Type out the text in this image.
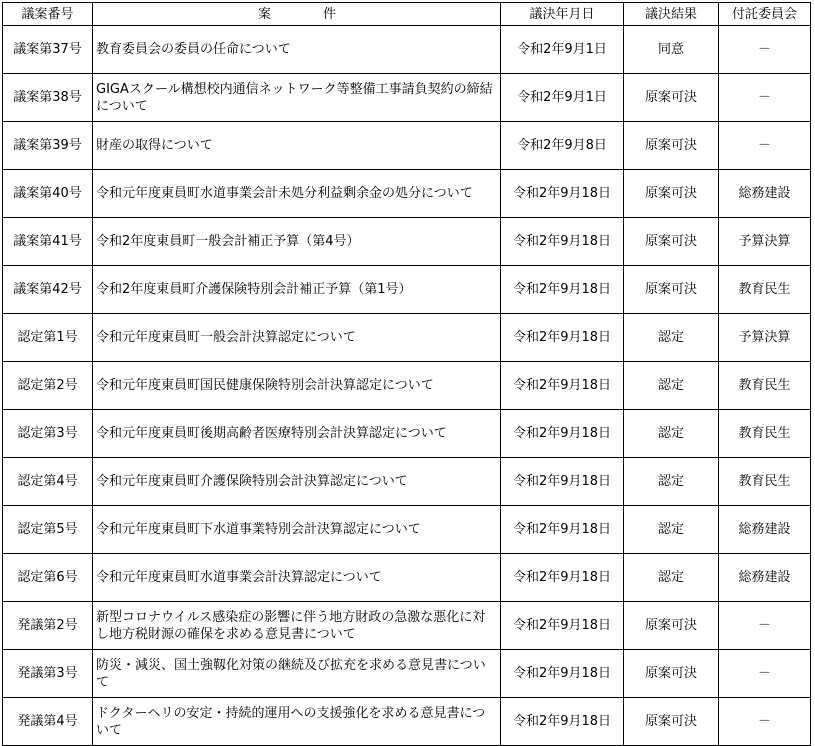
議案番号	案　　　　件	議決年月日	議決結果	付託委員会
議案第37号	教育委員会の委員の任命について	令和2年9月1日	同意	－
議案第38号	GIGAスクール構想校内通信ネットワーク等整備工事請負契約の締結について	令和2年9月1日	原案可決	－
議案第39号	財産の取得について	令和2年9月8日	原案可決	－
議案第40号	令和元年度東員町水道事業会計未処分利益剰余金の処分について	令和2年9月18日	原案可決	総務建設
議案第41号	令和2年度東員町一般会計補正予算（第4号）	令和2年9月18日	原案可決	予算決算
議案第42号	令和2年度東員町介護保険特別会計補正予算（第1号）	令和2年9月18日	原案可決	教育民生
認定第1号	令和元年度東員町一般会計決算認定について	令和2年9月18日	認定	予算決算
認定第2号	令和元年度東員町国民健康保険特別会計決算認定について	令和2年9月18日	認定	教育民生
認定第3号	令和元年度東員町後期高齢者医療特別会計決算認定について	令和2年9月18日	認定	教育民生
認定第4号	令和元年度東員町介護保険特別会計決算認定について	令和2年9月18日	認定	教育民生
認定第5号	令和元年度東員町下水道事業特別会計決算認定について	令和2年9月18日	認定	総務建設
認定第6号	令和元年度東員町水道事業会計決算認定について	令和2年9月18日	認定	総務建設
発議第2号	新型コロナウイルス感染症の影響に伴う地方財政の急激な悪化に対し地方税財源の確保を求める意見書について	令和2年9月18日	原案可決	－
発議第3号	防災・減災、国土強靱化対策の継続及び拡充を求める意見書について	令和2年9月18日	原案可決	－
発議第4号	ドクターヘリの安定・持続的運用への支援強化を求める意見書について	令和2年9月18日	原案可決	－
